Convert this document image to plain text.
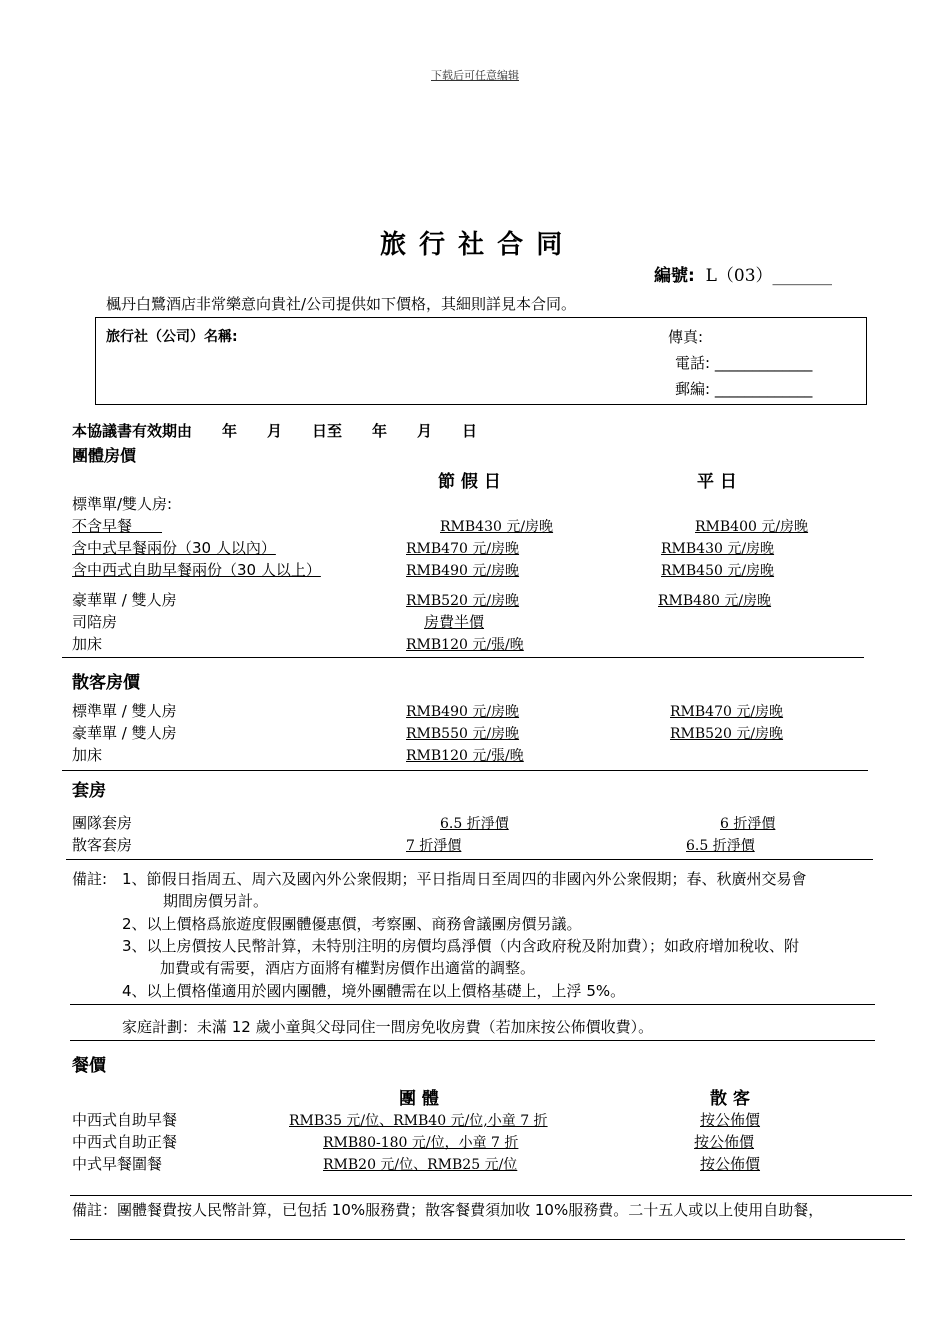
下载后可任意编辑
旅 行 社 合 同
編號: L（03）_______
楓丹白鷺酒店非常樂意向貴社/公司提供如下價格，其細則詳見本合同。
旅行社（公司）名稱:	傳真:
電話: _____________
郵編: _____________
本協議書有效期由　　年　　月　　日至　　年　　月　　日
團體房價
節 假 日	平 日
標準單/雙人房:
不含早餐　　	RMB430 元/房晚	RMB400 元/房晚
含中式早餐兩份（30 人以內）	RMB470 元/房晚	RMB430 元/房晚
含中西式自助早餐兩份（30 人以上）	RMB490 元/房晚	RMB450 元/房晚
豪華單 / 雙人房	RMB520 元/房晚	RMB480 元/房晚
司陪房	房費半價
加床	RMB120 元/張/晚
散客房價
標準單 / 雙人房	RMB490 元/房晚	RMB470 元/房晚
豪華單 / 雙人房	RMB550 元/房晚	RMB520 元/房晚
加床	RMB120 元/張/晚
套房
團隊套房	6.5 折淨價	6 折淨價
散客套房	7 折淨價	6.5 折淨價
備註: 1、節假日指周五、周六及國內外公衆假期；平日指周日至周四的非國內外公衆假期；春、秋廣州交易會
期間房價另計。
2、以上價格爲旅遊度假團體優惠價，考察團、商務會議團房價另議。
3、以上房價按人民幣計算，未特別注明的房價均爲淨價（内含政府稅及附加費）；如政府增加稅收、附
加費或有需要，酒店方面將有權對房價作出適當的調整。
4、以上價格僅適用於國内團體，境外團體需在以上價格基礎上，上浮 5%。
家庭計劃：未滿 12 歲小童與父母同住一間房免收房費（若加床按公佈價收費）。
餐價
團 體	散 客
中西式自助早餐	RMB35 元/位、RMB40 元/位,小童 7 折	按公佈價
中西式自助正餐	RMB80-180 元/位，小童 7 折	按公佈價
中式早餐圍餐	RMB20 元/位、RMB25 元/位	按公佈價
備註：團體餐費按人民幣計算，已包括 10%服務費；散客餐費須加收 10%服務費。二十五人或以上使用自助餐，
